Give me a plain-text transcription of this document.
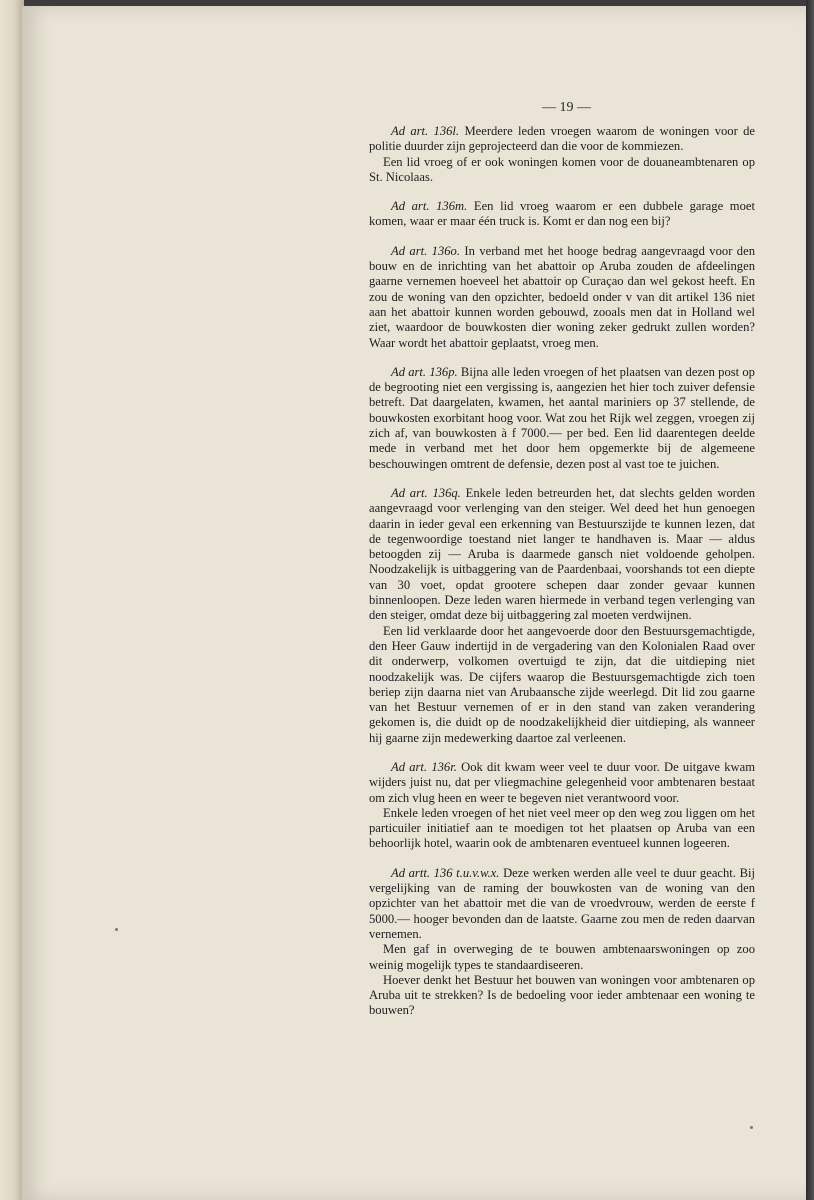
— 19 —

Ad art. 136l. Meerdere leden vroegen waarom de woningen voor de politie duurder zijn geprojecteerd dan die voor de kommiezen.

Een lid vroeg of er ook woningen komen voor de douaneambtenaren op St. Nicolaas.

Ad art. 136m. Een lid vroeg waarom er een dubbele garage moet komen, waar er maar één truck is. Komt er dan nog een bij?

Ad art. 136o. In verband met het hooge bedrag aangevraagd voor den bouw en de inrichting van het abattoir op Aruba zouden de afdeelingen gaarne vernemen hoeveel het abattoir op Curaçao dan wel gekost heeft. En zou de woning van den opzichter, bedoeld onder v van dit artikel 136 niet aan het abattoir kunnen worden gebouwd, zooals men dat in Holland wel ziet, waardoor de bouwkosten dier woning zeker gedrukt zullen worden? Waar wordt het abattoir geplaatst, vroeg men.

Ad art. 136p. Bijna alle leden vroegen of het plaatsen van dezen post op de begrooting niet een vergissing is, aangezien het hier toch zuiver defensie betreft. Dat daargelaten, kwamen, het aantal mariniers op 37 stellende, de bouwkosten exorbitant hoog voor. Wat zou het Rijk wel zeggen, vroegen zij zich af, van bouwkosten à f 7000.— per bed. Een lid daarentegen deelde mede in verband met het door hem opgemerkte bij de algemeene beschouwingen omtrent de defensie, dezen post al vast toe te juichen.

Ad art. 136q. Enkele leden betreurden het, dat slechts gelden worden aangevraagd voor verlenging van den steiger. Wel deed het hun genoegen daarin in ieder geval een erkenning van Bestuurszijde te kunnen lezen, dat de tegenwoordige toestand niet langer te handhaven is. Maar — aldus betoogden zij — Aruba is daarmede gansch niet voldoende geholpen. Noodzakelijk is uitbaggering van de Paardenbaai, voorshands tot een diepte van 30 voet, opdat grootere schepen daar zonder gevaar kunnen binnenloopen. Deze leden waren hiermede in verband tegen verlenging van den steiger, omdat deze bij uitbaggering zal moeten verdwijnen.

Een lid verklaarde door het aangevoerde door den Bestuursgemachtigde, den Heer Gauw indertijd in de vergadering van den Kolonialen Raad over dit onderwerp, volkomen overtuigd te zijn, dat die uitdieping niet noodzakelijk was. De cijfers waarop die Bestuursgemachtigde zich toen beriep zijn daarna niet van Arubaansche zijde weerlegd. Dit lid zou gaarne van het Bestuur vernemen of er in den stand van zaken verandering gekomen is, die duidt op de noodzakelijkheid dier uitdieping, als wanneer hij gaarne zijn medewerking daartoe zal verleenen.

Ad art. 136r. Ook dit kwam weer veel te duur voor. De uitgave kwam wijders juist nu, dat per vliegmachine gelegenheid voor ambtenaren bestaat om zich vlug heen en weer te begeven niet verantwoord voor.

Enkele leden vroegen of het niet veel meer op den weg zou liggen om het particuiler initiatief aan te moedigen tot het plaatsen op Aruba van een behoorlijk hotel, waarin ook de ambtenaren eventueel kunnen logeeren.

Ad artt. 136 t.u.v.w.x. Deze werken werden alle veel te duur geacht. Bij vergelijking van de raming der bouwkosten van de woning van den opzichter van het abattoir met die van de vroedvrouw, werden de eerste f 5000.— hooger bevonden dan de laatste. Gaarne zou men de reden daarvan vernemen.

Men gaf in overweging de te bouwen ambtenaarswoningen op zoo weinig mogelijk types te standaardiseeren.

Hoever denkt het Bestuur het bouwen van woningen voor ambtenaren op Aruba uit te strekken? Is de bedoeling voor ieder ambtenaar een woning te bouwen?
